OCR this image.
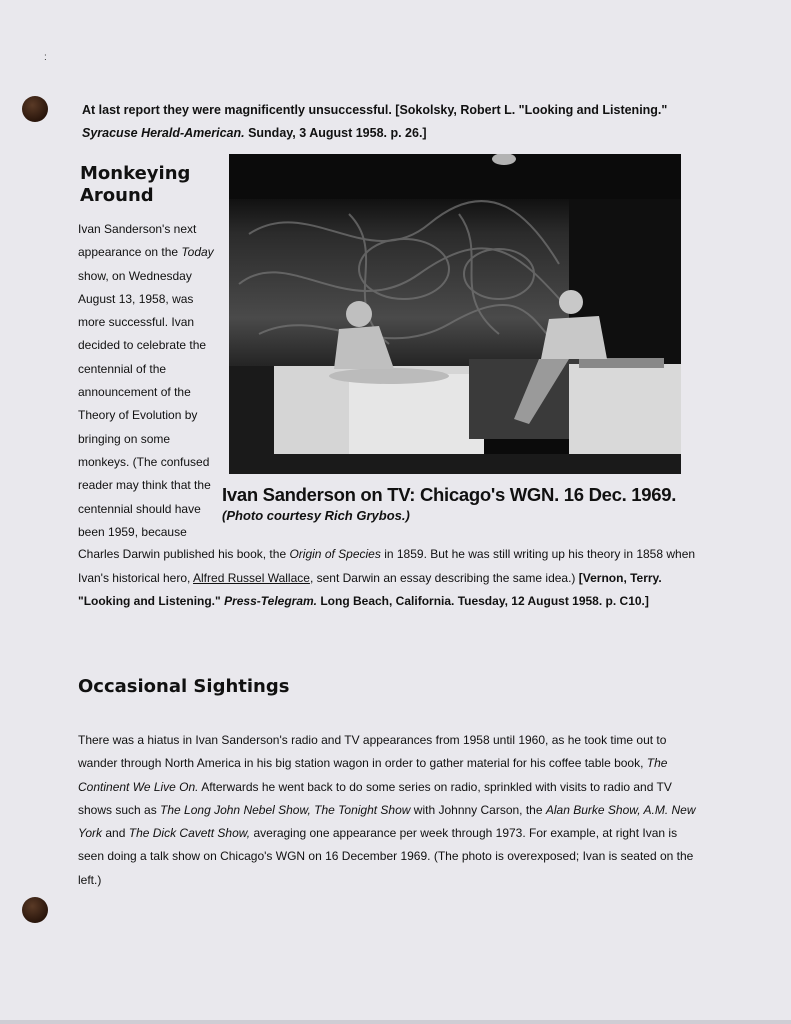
:
At last report they were magnificently unsuccessful. [Sokolsky, Robert L. "Looking and Listening." Syracuse Herald-American. Sunday, 3 August 1958. p. 26.]
Monkeying Around
Ivan Sanderson's next
appearance on the Today
show, on Wednesday
August 13, 1958, was
more successful. Ivan
decided to celebrate the
centennial of the
announcement of the
Theory of Evolution by
bringing on some
monkeys. (The confused
reader may think that the
centennial should have
been 1959, because
Ivan Sanderson on TV: Chicago's WGN. 16 Dec. 1969.
(Photo courtesy Rich Grybos.)
Charles Darwin published his book, the Origin of Species in 1859. But he was still writing up his theory in 1858 when Ivan's historical hero, Alfred Russel Wallace, sent Darwin an essay describing the same idea.) [Vernon, Terry. "Looking and Listening." Press-Telegram. Long Beach, California. Tuesday, 12 August 1958. p. C10.]
Occasional Sightings
There was a hiatus in Ivan Sanderson's radio and TV appearances from 1958 until 1960, as he took time out to wander through North America in his big station wagon in order to gather material for his coffee table book, The Continent We Live On. Afterwards he went back to do some series on radio, sprinkled with visits to radio and TV shows such as The Long John Nebel Show, The Tonight Show with Johnny Carson, the Alan Burke Show, A.M. New York and The Dick Cavett Show, averaging one appearance per week through 1973. For example, at right Ivan is seen doing a talk show on Chicago's WGN on 16 December 1969. (The photo is overexposed; Ivan is seated on the left.)
